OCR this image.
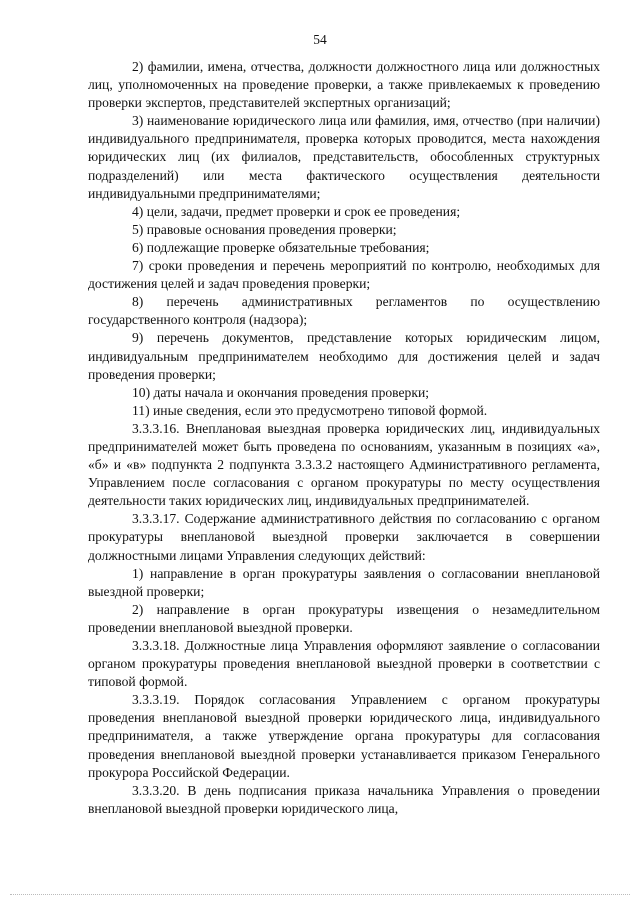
54

2) фамилии, имена, отчества, должности должностного лица или должностных лиц, уполномоченных на проведение проверки, а также привлекаемых к проведению проверки экспертов, представителей экспертных организаций;

3) наименование юридического лица или фамилия, имя, отчество (при наличии) индивидуального предпринимателя, проверка которых проводится, места нахождения юридических лиц (их филиалов, представительств, обособленных структурных подразделений) или места фактического осуществления деятельности индивидуальными предпринимателями;

4) цели, задачи, предмет проверки и срок ее проведения;

5) правовые основания проведения проверки;

6) подлежащие проверке обязательные требования;

7) сроки проведения и перечень мероприятий по контролю, необходимых для достижения целей и задач проведения проверки;

8) перечень административных регламентов по осуществлению государственного контроля (надзора);

9) перечень документов, представление которых юридическим лицом, индивидуальным предпринимателем необходимо для достижения целей и задач проведения проверки;

10) даты начала и окончания проведения проверки;

11) иные сведения, если это предусмотрено типовой формой.

3.3.3.16. Внеплановая выездная проверка юридических лиц, индивидуальных предпринимателей может быть проведена по основаниям, указанным в позициях «а», «б» и «в» подпункта 2 подпункта 3.3.3.2 настоящего Административного регламента, Управлением после согласования с органом прокуратуры по месту осуществления деятельности таких юридических лиц, индивидуальных предпринимателей.

3.3.3.17. Содержание административного действия по согласованию с органом прокуратуры внеплановой выездной проверки заключается в совершении должностными лицами Управления следующих действий:

1) направление в орган прокуратуры заявления о согласовании внеплановой выездной проверки;

2) направление в орган прокуратуры извещения о незамедлительном проведении внеплановой выездной проверки.

3.3.3.18. Должностные лица Управления оформляют заявление о согласовании органом прокуратуры проведения внеплановой выездной проверки в соответствии с типовой формой.

3.3.3.19. Порядок согласования Управлением с органом прокуратуры проведения внеплановой выездной проверки юридического лица, индивидуального предпринимателя, а также утверждение органа прокуратуры для согласования проведения внеплановой выездной проверки устанавливается приказом Генерального прокурора Российской Федерации.

3.3.3.20. В день подписания приказа начальника Управления о проведении внеплановой выездной проверки юридического лица,
